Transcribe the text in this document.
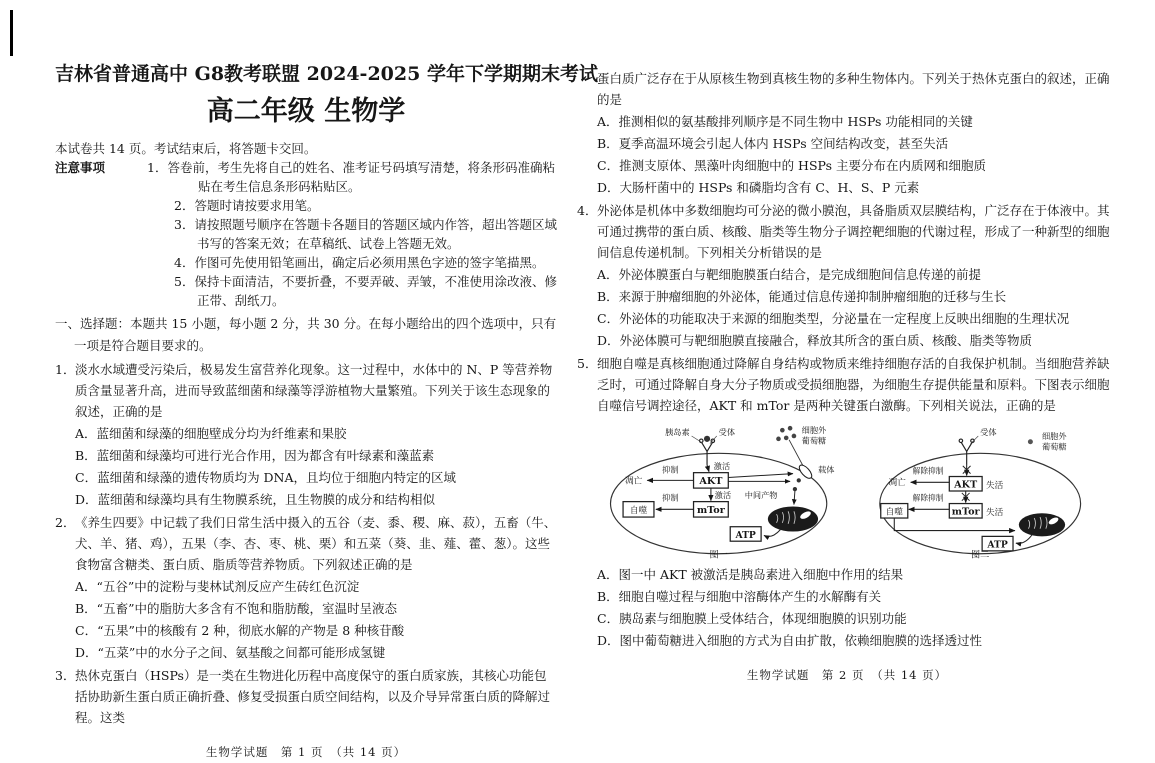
吉林省普通高中 G8教考联盟 2024-2025 学年下学期期末考试
高二年级 生物学
本试卷共 14 页。考试结束后，将答题卡交回。
注意事项	1．答卷前，考生先将自己的姓名、准考证号码填写清楚，将条形码准确粘贴在考生信息条形码粘贴区。
2．答题时请按要求用笔。
3．请按照题号顺序在答题卡各题目的答题区域内作答，超出答题区域书写的答案无效；在草稿纸、试卷上答题无效。
4．作图可先使用铅笔画出，确定后必须用黑色字迹的签字笔描黑。
5．保持卡面清洁，不要折叠，不要弄破、弄皱，不准使用涂改液、修正带、刮纸刀。
一、选择题：本题共 15 小题，每小题 2 分，共 30 分。在每小题给出的四个选项中，只有一项是符合题目要求的。
1． 淡水水域遭受污染后，极易发生富营养化现象。这一过程中，水体中的 N、P 等营养物质含量显著升高，进而导致蓝细菌和绿藻等浮游植物大量繁殖。下列关于该生态现象的叙述，正确的是
A．蓝细菌和绿藻的细胞壁成分均为纤维素和果胶
B．蓝细菌和绿藻均可进行光合作用，因为都含有叶绿素和藻蓝素
C．蓝细菌和绿藻的遗传物质均为 DNA，且均位于细胞内特定的区域
D．蓝细菌和绿藻均具有生物膜系统，且生物膜的成分和结构相似
2． 《养生四要》中记载了我们日常生活中摄入的五谷（麦、黍、稷、麻、菽），五畜（牛、犬、羊、猪、鸡），五果（李、杏、枣、桃、栗）和五菜（葵、韭、薤、藿、葱）。这些食物富含糖类、蛋白质、脂质等营养物质。下列叙述正确的是
A．“五谷”中的淀粉与斐林试剂反应产生砖红色沉淀
B．“五畜”中的脂肪大多含有不饱和脂肪酸，室温时呈液态
C．“五果”中的核酸有 2 种，彻底水解的产物是 8 种核苷酸
D．“五菜”中的水分子之间、氨基酸之间都可能形成氢键
3． 热休克蛋白（HSPs）是一类在生物进化历程中高度保守的蛋白质家族，其核心功能包括协助新生蛋白质正确折叠、修复受损蛋白质空间结构，以及介导异常蛋白质的降解过程。这类
生物学试题　第 1 页　（共 14 页）
蛋白质广泛存在于从原核生物到真核生物的多种生物体内。下列关于热休克蛋白的叙述，正确的是
A．推测相似的氨基酸排列顺序是不同生物中 HSPs 功能相同的关键
B．夏季高温环境会引起人体内 HSPs 空间结构改变，甚至失活
C．推测支原体、黑藻叶肉细胞中的 HSPs 主要分布在内质网和细胞质
D．大肠杆菌中的 HSPs 和磷脂均含有 C、H、S、P 元素
4． 外泌体是机体中多数细胞均可分泌的微小膜泡，具备脂质双层膜结构，广泛存在于体液中。其可通过携带的蛋白质、核酸、脂类等生物分子调控靶细胞的代谢过程，形成了一种新型的细胞间信息传递机制。下列相关分析错误的是
A．外泌体膜蛋白与靶细胞膜蛋白结合，是完成细胞间信息传递的前提
B．来源于肿瘤细胞的外泌体，能通过信息传递抑制肿瘤细胞的迁移与生长
C．外泌体的功能取决于来源的细胞类型，分泌量在一定程度上反映出细胞的生理状况
D．外泌体膜可与靶细胞膜直接融合，释放其所含的蛋白质、核酸、脂类等物质
5． 细胞自噬是真核细胞通过降解自身结构或物质来维持细胞存活的自我保护机制。当细胞营养缺乏时，可通过降解自身大分子物质或受损细胞器，为细胞生存提供能量和原料。下图表示细胞自噬信号调控途径，AKT 和 mTor 是两种关键蛋白激酶。下列相关说法，正确的是
胰岛素	受体	细胞外
葡萄糖
载体
激活
AKT
抑制
凋亡
激活 中间产物
mTor
抑制
自噬
ATP
图一
受体	细胞外
葡萄糖
AKT 失活
解除抑制
凋亡
mTor 失活
解除抑制
自噬
ATP
图二
A．图一中 AKT 被激活是胰岛素进入细胞中作用的结果
B．细胞自噬过程与细胞中溶酶体产生的水解酶有关
C．胰岛素与细胞膜上受体结合，体现细胞膜的识别功能
D．图中葡萄糖进入细胞的方式为自由扩散，依赖细胞膜的选择透过性
生物学试题　第 2 页　（共 14 页）
